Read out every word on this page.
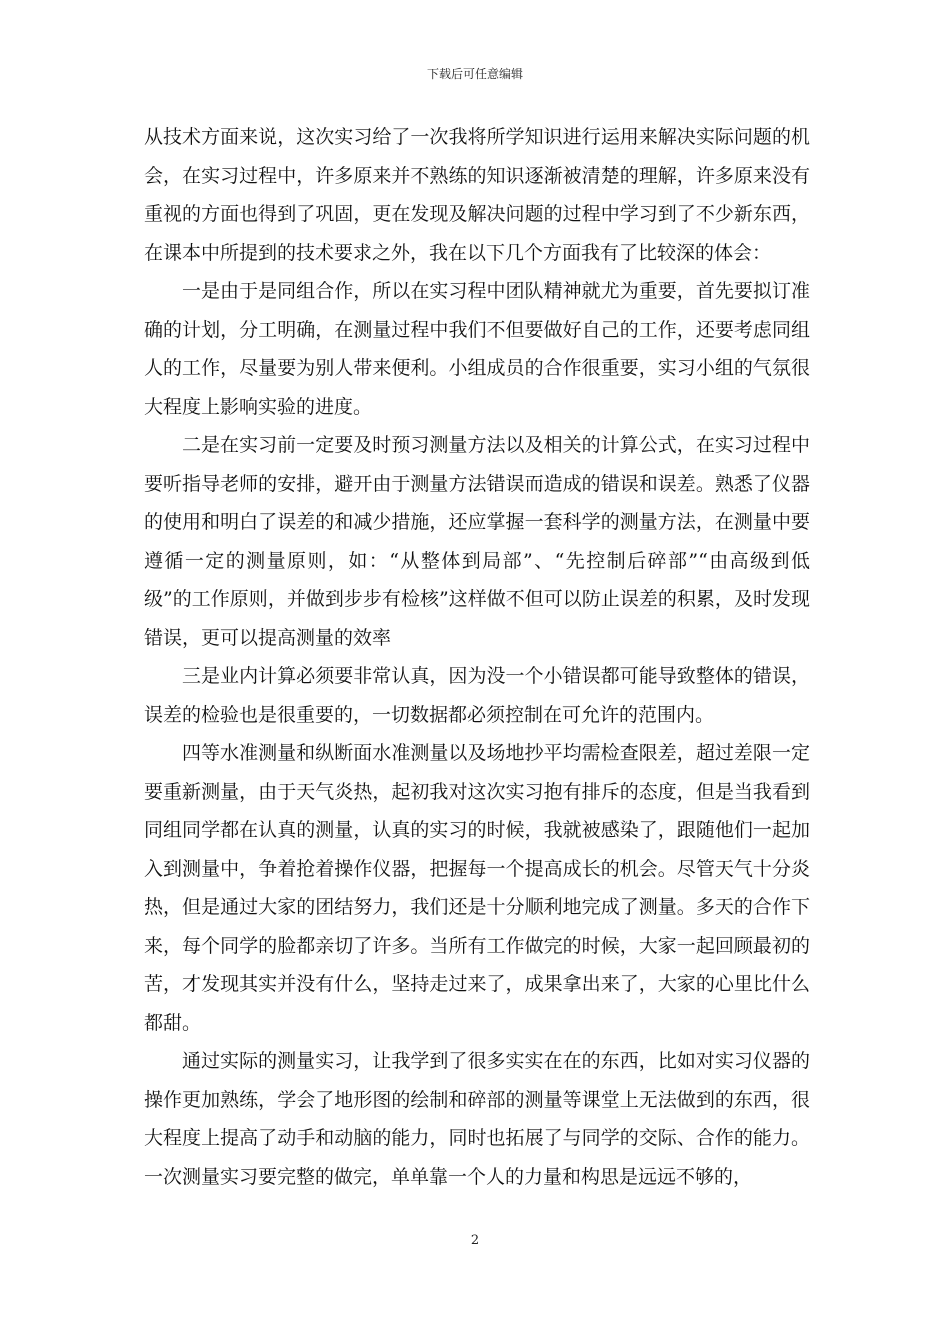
下载后可任意编辑

从技术方面来说，这次实习给了一次我将所学知识进行运用来解决实际问题的机会，在实习过程中，许多原来并不熟练的知识逐渐被清楚的理解，许多原来没有重视的方面也得到了巩固，更在发现及解决问题的过程中学习到了不少新东西，在课本中所提到的技术要求之外，我在以下几个方面我有了比较深的体会：

一是由于是同组合作，所以在实习程中团队精神就尤为重要，首先要拟订准确的计划，分工明确，在测量过程中我们不但要做好自己的工作，还要考虑同组人的工作，尽量要为别人带来便利。小组成员的合作很重要，实习小组的气氛很大程度上影响实验的进度。

二是在实习前一定要及时预习测量方法以及相关的计算公式，在实习过程中要听指导老师的安排，避开由于测量方法错误而造成的错误和误差。熟悉了仪器的使用和明白了误差的和减少措施，还应掌握一套科学的测量方法，在测量中要遵循一定的测量原则，如：“从整体到局部”、“先控制后碎部”“由高级到低级”的工作原则，并做到步步有检核”这样做不但可以防止误差的积累，及时发现错误，更可以提高测量的效率

三是业内计算必须要非常认真，因为没一个小错误都可能导致整体的错误，误差的检验也是很重要的，一切数据都必须控制在可允许的范围内。

四等水准测量和纵断面水准测量以及场地抄平均需检查限差，超过差限一定要重新测量，由于天气炎热，起初我对这次实习抱有排斥的态度，但是当我看到同组同学都在认真的测量，认真的实习的时候，我就被感染了，跟随他们一起加入到测量中，争着抢着操作仪器，把握每一个提高成长的机会。尽管天气十分炎热，但是通过大家的团结努力，我们还是十分顺利地完成了测量。多天的合作下来，每个同学的脸都亲切了许多。当所有工作做完的时候，大家一起回顾最初的苦，才发现其实并没有什么，坚持走过来了，成果拿出来了，大家的心里比什么都甜。

通过实际的测量实习，让我学到了很多实实在在的东西，比如对实习仪器的操作更加熟练，学会了地形图的绘制和碎部的测量等课堂上无法做到的东西，很大程度上提高了动手和动脑的能力，同时也拓展了与同学的交际、合作的能力。一次测量实习要完整的做完，单单靠一个人的力量和构思是远远不够的，

2
